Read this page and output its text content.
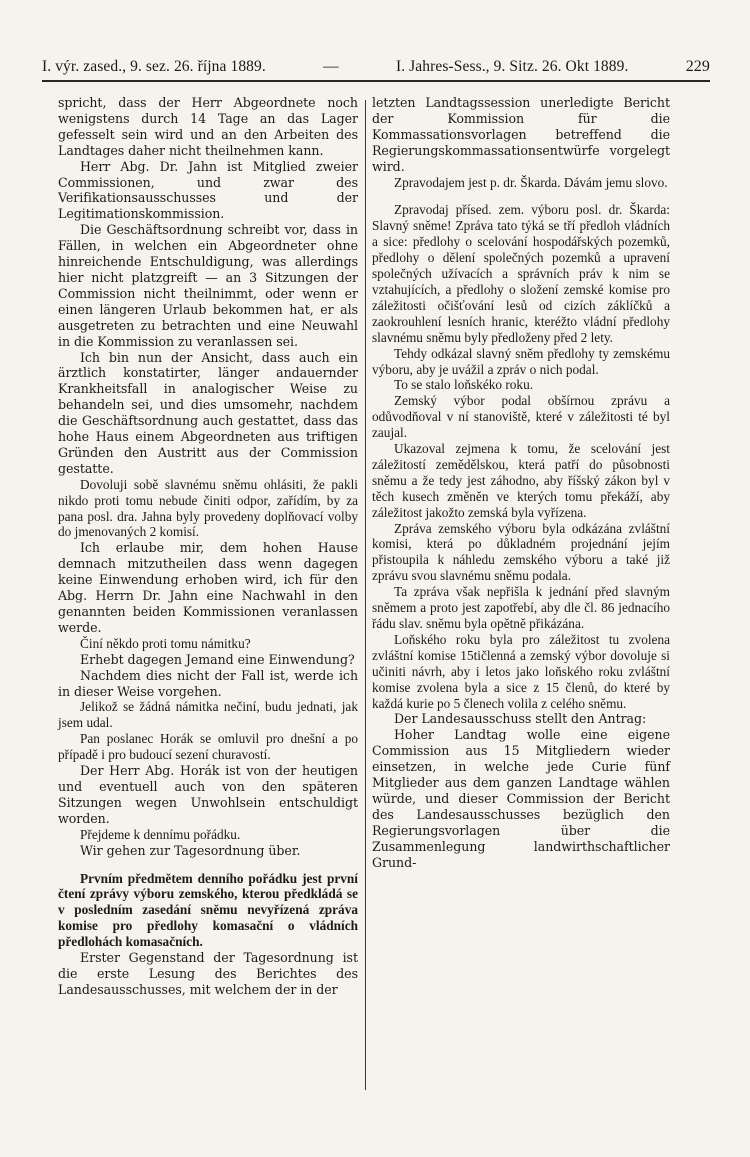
I. výr. zased., 9. sez. 26. října 1889.	—	I. Jahres-Sess., 9. Sitz. 26. Okt 1889.	229

spricht, dass der Herr Abgeordnete noch wenigstens durch 14 Tage an das Lager gefesselt sein wird und an den Arbeiten des Landtages daher nicht theilnehmen kann.

Herr Abg. Dr. Jahn ist Mitglied zweier Commissionen, und zwar des Verifikationsausschusses und der Legitimationskommission.

Die Geschäftsordnung schreibt vor, dass in Fällen, in welchen ein Abgeordneter ohne hinreichende Entschuldigung, was allerdings hier nicht platzgreift — an 3 Sitzungen der Commission nicht theilnimmt, oder wenn er einen längeren Urlaub bekommen hat, er als ausgetreten zu betrachten und eine Neuwahl in die Kommission zu veranlassen sei.

Ich bin nun der Ansicht, dass auch ein ärztlich konstatirter, länger andauernder Krankheitsfall in analogischer Weise zu behandeln sei, und dies umsomehr, nachdem die Geschäftsordnung auch gestattet, dass das hohe Haus einem Abgeordneten aus triftigen Gründen den Austritt aus der Commission gestatte.

Dovoluji sobě slavnému sněmu ohlásiti, že pakli nikdo proti tomu nebude činiti odpor, zařídím, by za pana posl. dra. Jahna byly provedeny doplňovací volby do jmenovaných 2 komisí.

Ich erlaube mir, dem hohen Hause demnach mitzutheilen dass wenn dagegen keine Einwendung erhoben wird, ich für den Abg. Herrn Dr. Jahn eine Nachwahl in den genannten beiden Kommissionen veranlassen werde.

Činí někdo proti tomu námitku?

Erhebt dagegen Jemand eine Einwendung?

Nachdem dies nicht der Fall ist, werde ich in dieser Weise vorgehen.

Jelikož se žádná námitka nečiní, budu jednati, jak jsem udal.

Pan poslanec Horák se omluvil pro dnešní a po případě i pro budoucí sezení churavostí.

Der Herr Abg. Horák ist von der heutigen und eventuell auch von den späteren Sitzungen wegen Unwohlsein entschuldigt worden.

Přejdeme k dennímu pořádku.

Wir gehen zur Tagesordnung über.

Prvním předmětem denního pořádku jest první čtení zprávy výboru zemského, kterou předkládá se v posledním zasedání sněmu nevyřízená zpráva komise pro předlohy komasační o vládních předlohách komasačních.

Erster Gegenstand der Tagesordnung ist die erste Lesung des Berichtes des Landesausschusses, mit welchem der in der

letzten Landtagssession unerledigte Bericht der Kommission für die Kommassationsvorlagen betreffend die Regierungskommassationsentwürfe vorgelegt wird.

Zpravodajem jest p. dr. Škarda. Dávám jemu slovo.

Zpravodaj přísed. zem. výboru posl. dr. Škarda: Slavný sněme! Zpráva tato týká se tří předloh vládních a sice: předlohy o scelování hospodářských pozemků, předlohy o dělení společných pozemků a upravení společných užívacích a správních práv k nim se vztahujících, a předlohy o složení zemské komise pro záležitosti očišťování lesů od cizích záklíčků a zaokrouhlení lesních hranic, kteréžto vládní předlohy slavnému sněmu byly předloženy před 2 lety.

Tehdy odkázal slavný sněm předlohy ty zemskému výboru, aby je uvážil a zpráv o nich podal.

To se stalo loňskéko roku.

Zemský výbor podal obšírnou zprávu a odůvodňoval v ní stanoviště, které v záležitosti té byl zaujal.

Ukazoval zejmena k tomu, že scelování jest záležitostí zemědělskou, která patří do působnosti sněmu a že tedy jest záhodno, aby říšský zákon byl v těch kusech změněn ve kterých tomu překáží, aby záležitost jakožto zemská byla vyřízena.

Zpráva zemského výboru byla odkázána zvláštní komisi, která po důkladném projednání jejím přistoupila k náhledu zemského výboru a také již zprávu svou slavnému sněmu podala.

Ta zpráva však nepřišla k jednání před slavným sněmem a proto jest zapotřebí, aby dle čl. 86 jednacího řádu slav. sněmu byla opětně přikázána.

Loňského roku byla pro záležitost tu zvolena zvláštní komise 15tičlenná a zemský výbor dovoluje si učiniti návrh, aby i letos jako loňského roku zvláštní komise zvolena byla a sice z 15 členů, do které by každá kurie po 5 členech volila z celého sněmu.

Der Landesausschuss stellt den Antrag:

Hoher Landtag wolle eine eigene Commission aus 15 Mitgliedern wieder einsetzen, in welche jede Curie fünf Mitglieder aus dem ganzen Landtage wählen würde, und dieser Commission der Bericht des Landesausschusses bezüglich den Regierungsvorlagen über die Zusammenlegung landwirthschaftlicher Grund-
